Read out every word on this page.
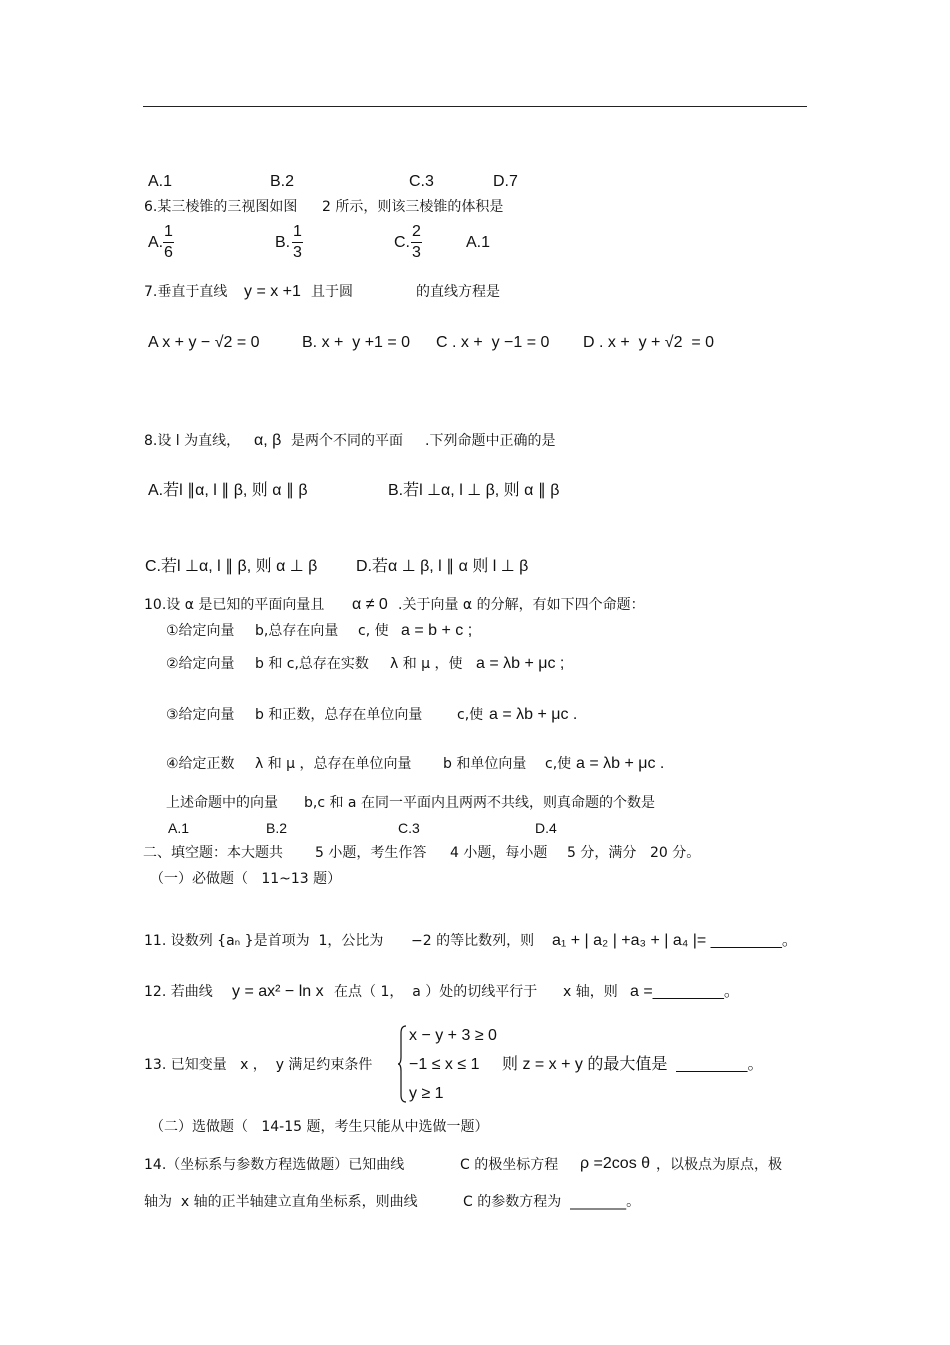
A.1	B.2	C.3	D.7
6.某三棱锥的三视图如图 2 所示，则该三棱锥的体积是
A.
1
6
B.
1
3
C.
2
3
A.1
7.垂直于直线 y = x +1 且于圆	的直线方程是
A x + y − √2 = 0	B. x +  y +1 = 0 C . x +  y −1 = 0 D . x +  y + √2  = 0
8.设 l 为直线， α, β 是两个不同的平面 .下列命题中正确的是
A.若l ∥α, l ∥ β, 则 α ∥ β	B.若l ⊥α, l ⊥ β, 则 α ∥ β
C.若l ⊥α, l ∥ β, 则 α ⊥ β D.若α ⊥ β, l ∥ α 则 l ⊥ β
10.设 α 是已知的平面向量且 α ≠ 0 .关于向量 α 的分解，有如下四个命题：
①给定向量 b,总存在向量 c, 使 a = b + c ;
②给定向量 b 和 c,总存在实数 λ 和 μ ，使 a = λb + μc ;
③给定向量 b 和正数，总存在单位向量 c,使 a = λb + μc .
④给定正数 λ 和 μ ，总存在单位向量 b 和单位向量 c,使 a = λb + μc .
上述命题中的向量 b,c 和 a 在同一平面内且两两不共线，则真命题的个数是
A.1	B.2	C.3	D.4
二、填空题：本大题共 5 小题，考生作答 4 小题，每小题 5 分，满分 20 分。
（一）必做题（   11~13 题）
11. 设数列 {aₙ }是首项为  1，公比为 −2 的等比数列，则 a₁ + | a₂ | +a₃ + | a₄ |= ________。
12. 若曲线 y = ax² − ln x 在点（ 1，  a ）处的切线平行于 x 轴，则 a =________。
13. 已知变量   x ，  y 满足约束条件
x − y + 3 ≥ 0
−1 ≤ x ≤ 1
y ≥ 1
则 z = x + y 的最大值是  ________。
（二）选做题（   14-15 题，考生只能从中选做一题）
14.（坐标系与参数方程选做题）已知曲线	C 的极坐标方程 ρ =2cos θ ，以极点为原点，极
轴为  x 轴的正半轴建立直角坐标系，则曲线	C 的参数方程为  ________。
